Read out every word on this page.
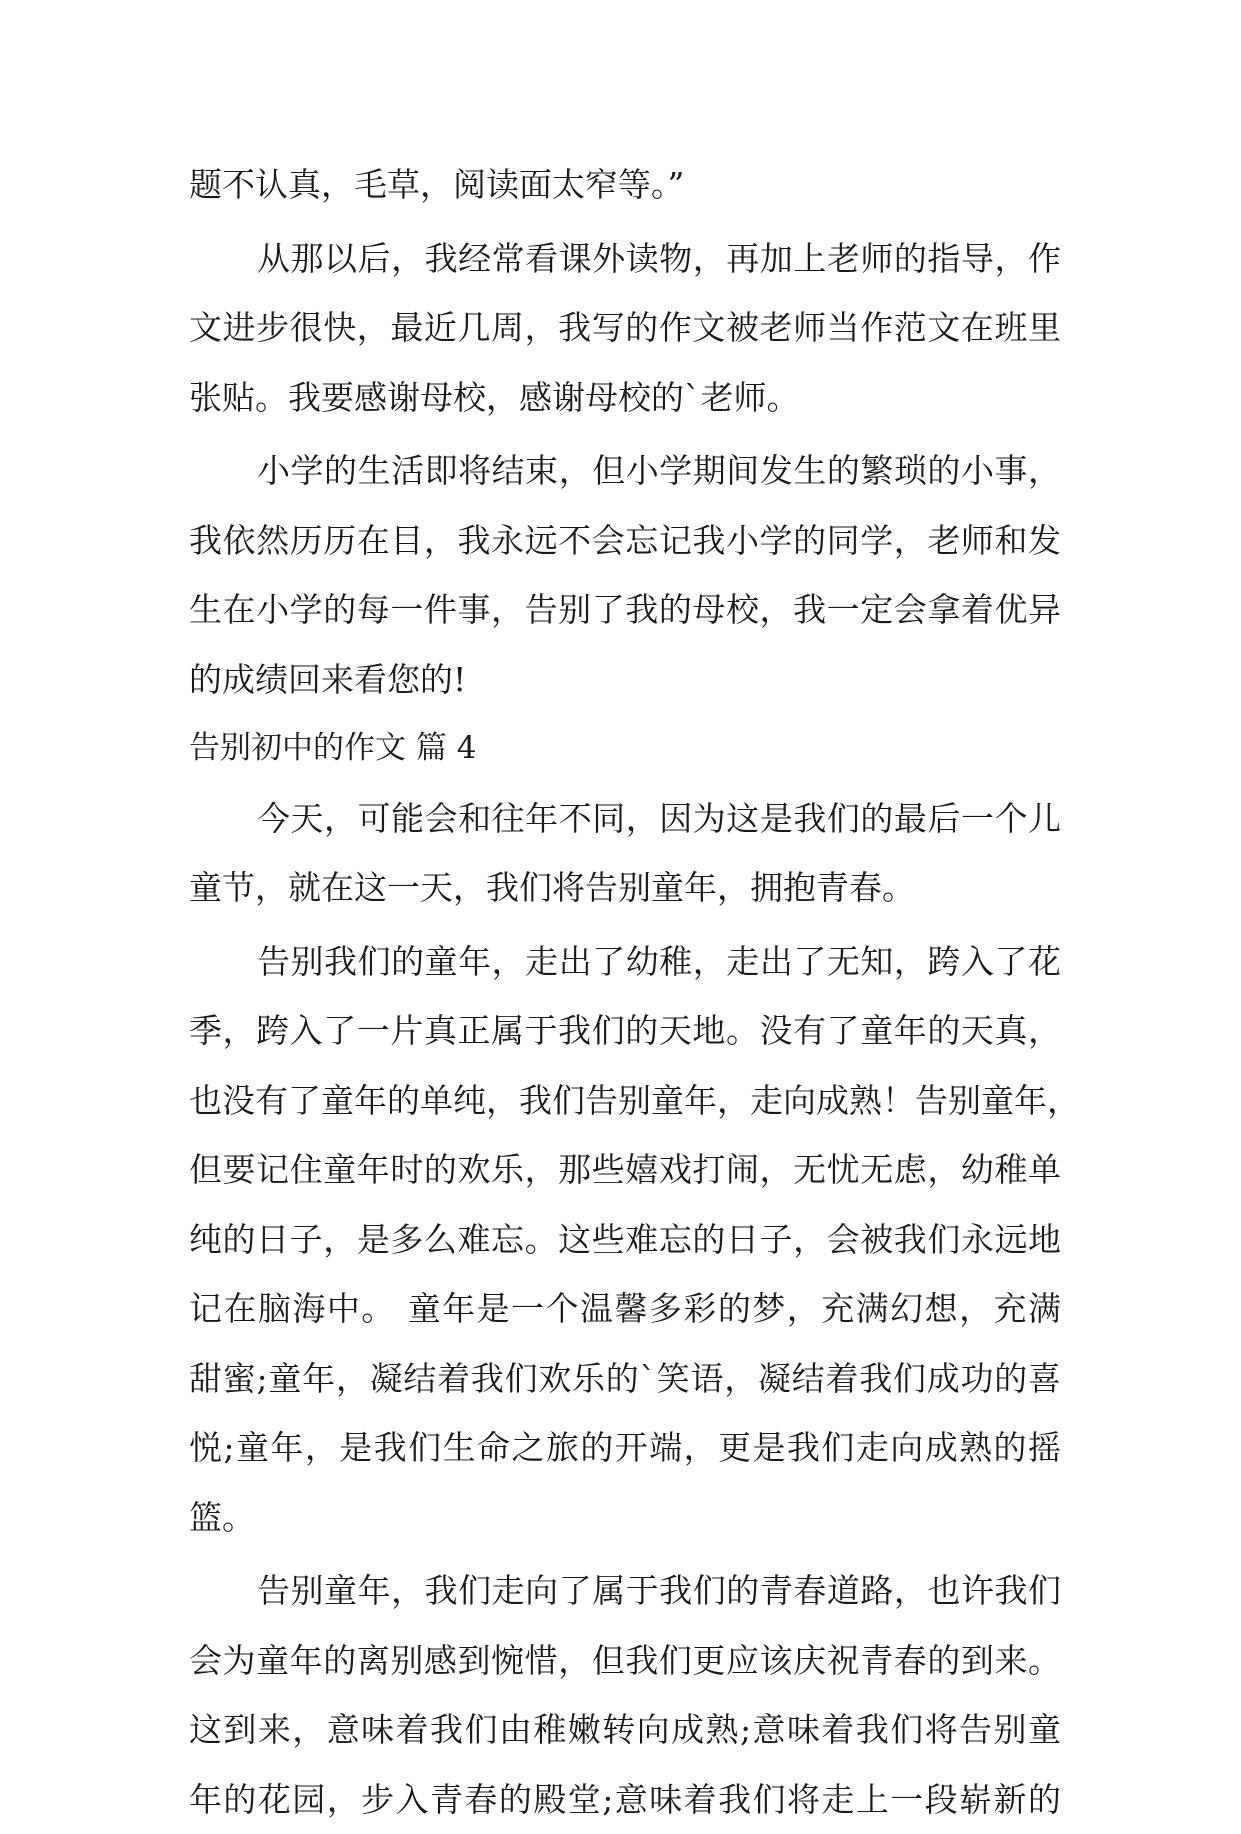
题不认真，毛草，阅读面太窄等。”
从那以后，我经常看课外读物，再加上老师的指导，作
文进步很快，最近几周，我写的作文被老师当作范文在班里
张贴。我要感谢母校，感谢母校的`老师。
小学的生活即将结束，但小学期间发生的繁琐的小事，
我依然历历在目，我永远不会忘记我小学的同学，老师和发
生在小学的每一件事，告别了我的母校，我一定会拿着优异
的成绩回来看您的!
告别初中的作文 篇 4
今天，可能会和往年不同，因为这是我们的最后一个儿
童节，就在这一天，我们将告别童年，拥抱青春。
告别我们的童年，走出了幼稚，走出了无知，跨入了花
季，跨入了一片真正属于我们的天地。没有了童年的天真，
也没有了童年的单纯，我们告别童年，走向成熟！告别童年，
但要记住童年时的欢乐，那些嬉戏打闹，无忧无虑，幼稚单
纯的日子，是多么难忘。这些难忘的日子，会被我们永远地
记在脑海中。 童年是一个温馨多彩的梦，充满幻想，充满
甜蜜;童年，凝结着我们欢乐的`笑语，凝结着我们成功的喜
悦;童年，是我们生命之旅的开端，更是我们走向成熟的摇
篮。
告别童年，我们走向了属于我们的青春道路，也许我们
会为童年的离别感到惋惜，但我们更应该庆祝青春的到来。
这到来，意味着我们由稚嫩转向成熟;意味着我们将告别童
年的花园，步入青春的殿堂;意味着我们将走上一段崭新的
